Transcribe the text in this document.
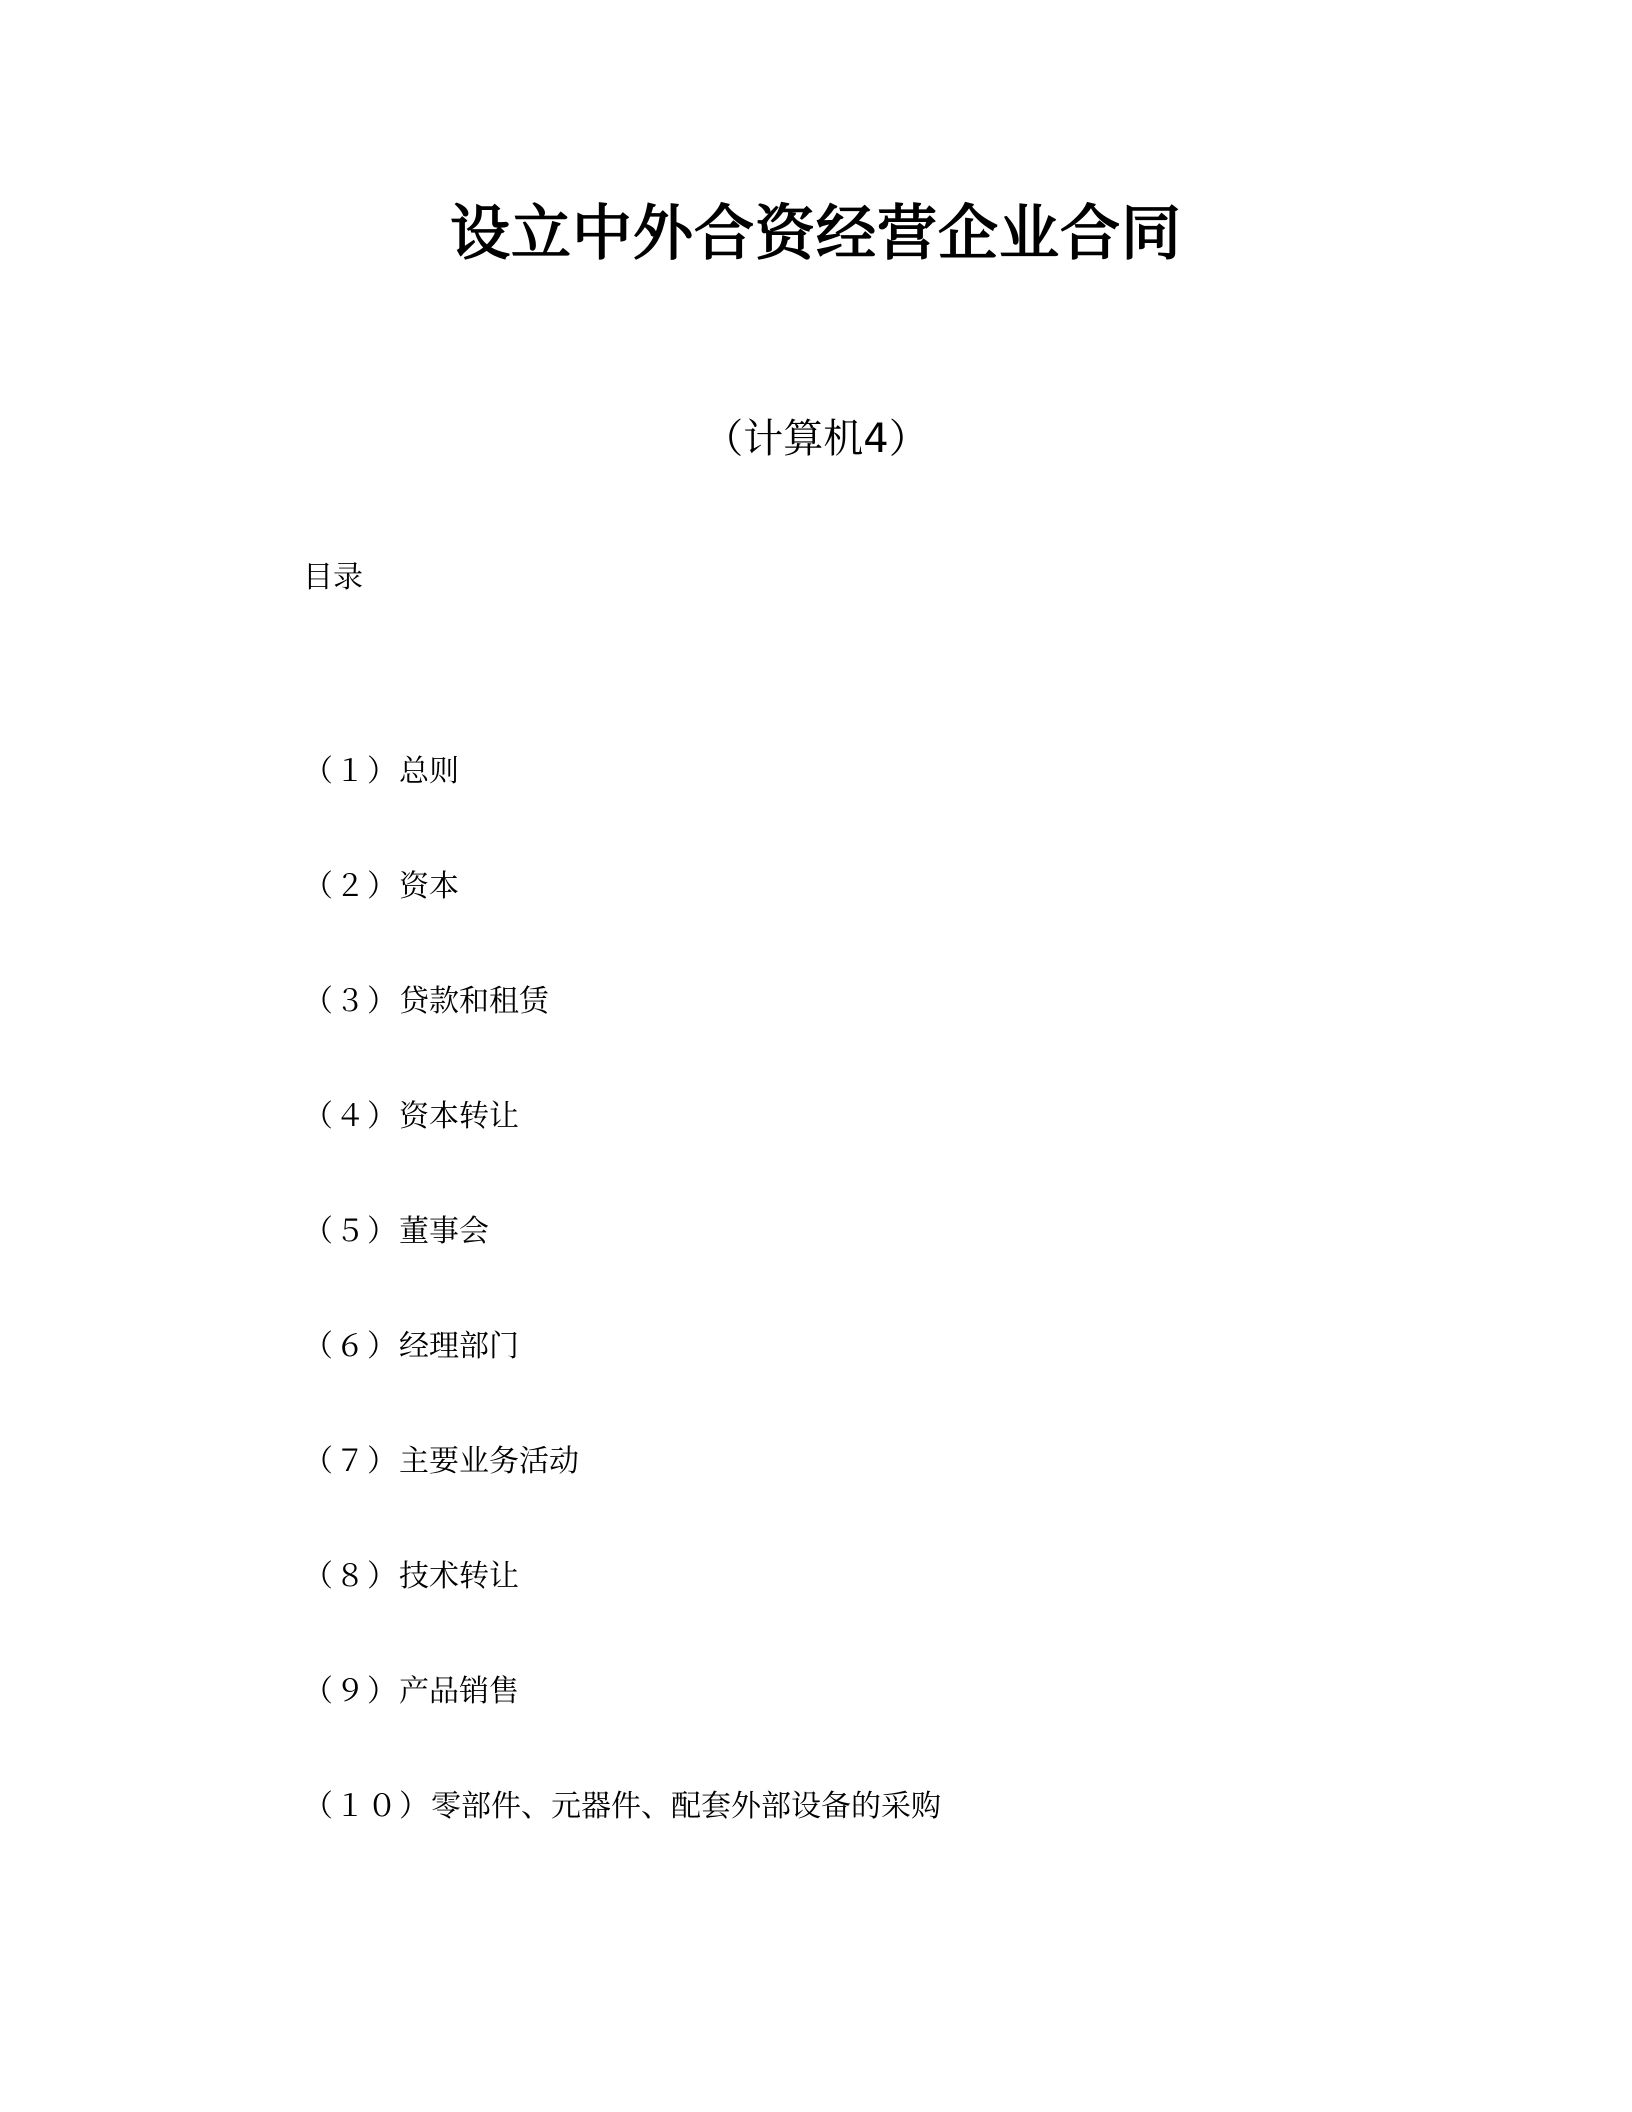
设立中外合资经营企业合同
（计算机4）
目录
（１） 总则
（２） 资本
（３） 贷款和租赁
（４） 资本转让
（５） 董事会
（６） 经理部门
（７） 主要业务活动
（８） 技术转让
（９） 产品销售
（１０） 零部件、元器件、配套外部设备的采购
